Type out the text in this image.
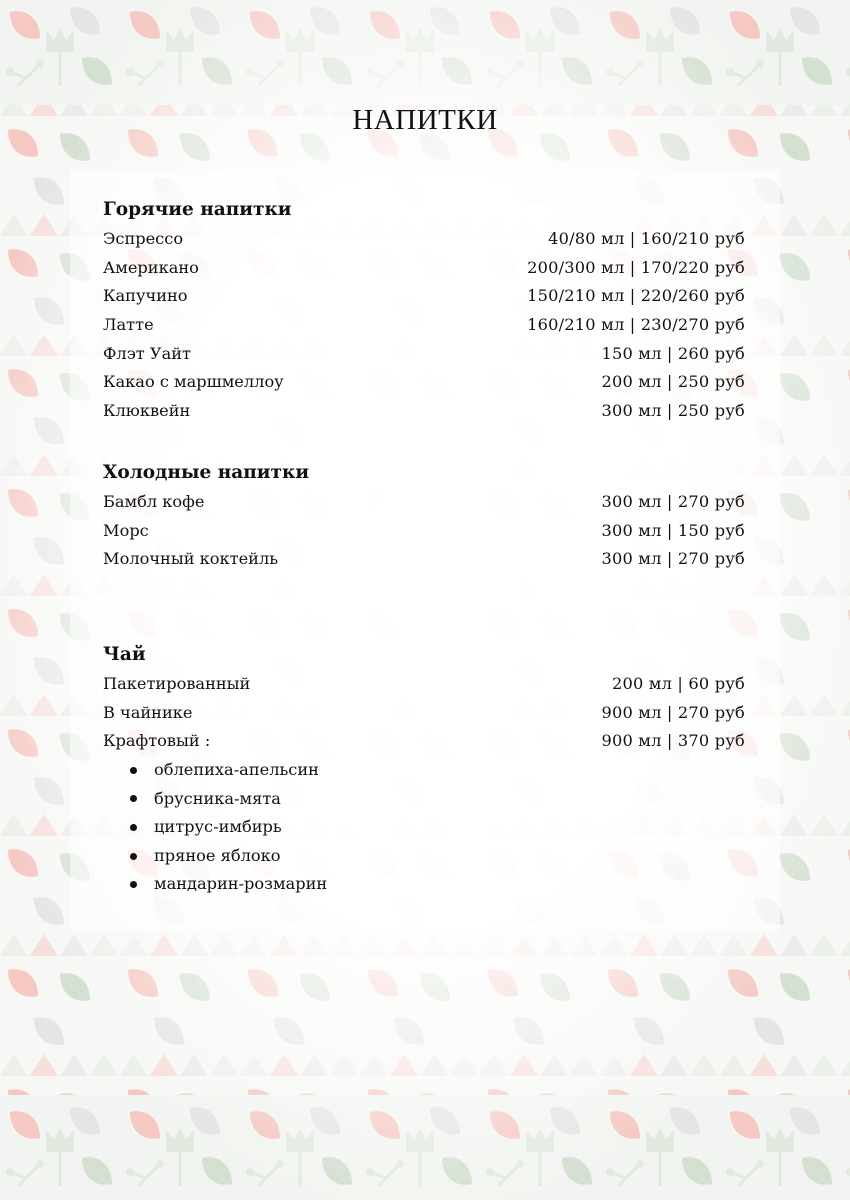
НАПИТКИ
Горячие напитки
Эспрессо	40/80 мл | 160/210 руб
Американо	200/300 мл | 170/220 руб
Капучино	150/210 мл | 220/260 руб
Латте	160/210 мл | 230/270 руб
Флэт Уайт	150 мл | 260 руб
Какао с маршмеллоу	200 мл | 250 руб
Клюквейн	300 мл | 250 руб
Холодные напитки
Бамбл кофе	300 мл | 270 руб
Морс	300 мл | 150 руб
Молочный коктейль	300 мл | 270 руб
Чай
Пакетированный	200 мл | 60 руб
В чайнике	900 мл | 270 руб
Крафтовый :	900 мл | 370 руб
облепиха-апельсин
брусника-мята
цитрус-имбирь
пряное яблоко
мандарин-розмарин
